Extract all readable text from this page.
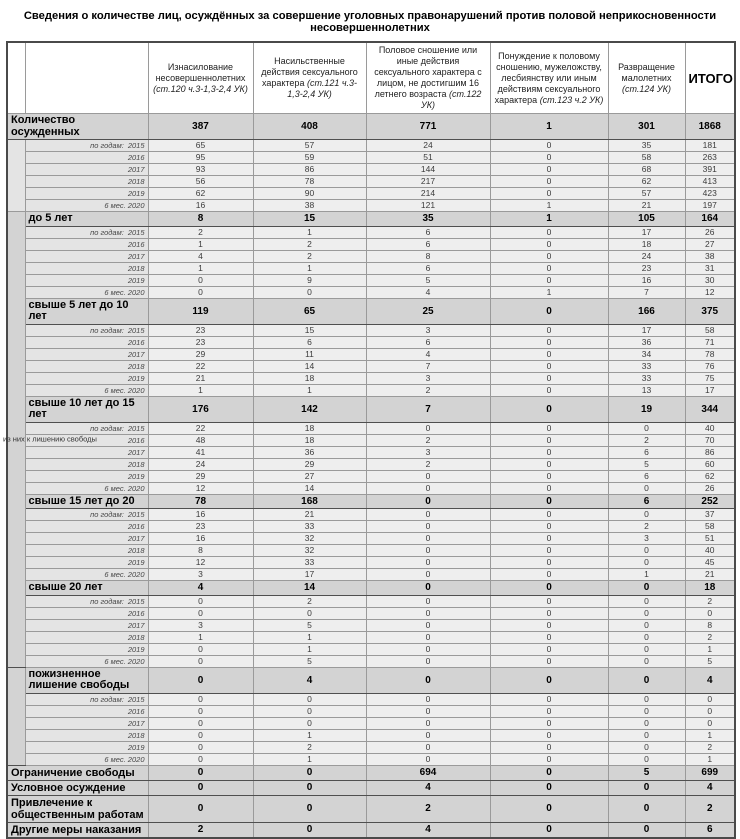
Сведения о количестве лиц, осуждённых за совершение уголовных правонарушений против половой неприкосновенности несовершеннолетних
		Изнасилование несовершеннолетних (ст.120 ч.3-1,3-2,4 УК)	Насильственные действия сексуального характера (ст.121 ч.3-1,3-2,4 УК)	Половое сношение или иные действия сексуального характера с лицом, не достигшим 16 летнего возраста (ст.122 УК)	Понуждение к половому сношению, мужеложству, лесбиянству или иным действиям сексуального характера (ст.123 ч.2 УК)	Развращение малолетних (ст.124 УК)	ИТОГО
Количество осужденных		387	408	771	1	301	1868
	по годам: 2015	65	57	24	0	35	181
	2016	95	59	51	0	58	263
	2017	93	86	144	0	68	391
	2018	56	78	217	0	62	413
	2019	62	90	214	0	57	423
	6 мес. 2020	16	38	121	1	21	197

из них к лишению свободы	до 5 лет	8	15	35	1	105	164
	по годам: 2015	2	1	6	0	17	26
	2016	1	2	6	0	18	27
	2017	4	2	8	0	24	38
	2018	1	1	6	0	23	31
	2019	0	9	5	0	16	30
	6 мес. 2020	0	0	4	1	7	12
	свыше 5 лет до 10 лет	119	65	25	0	166	375
	по годам: 2015	23	15	3	0	17	58
	2016	23	6	6	0	36	71
	2017	29	11	4	0	34	78
	2018	22	14	7	0	33	76
	2019	21	18	3	0	33	75
	6 мес. 2020	1	1	2	0	13	17
	свыше 10 лет до 15 лет	176	142	7	0	19	344
	по годам: 2015	22	18	0	0	0	40
	2016	48	18	2	0	2	70
	2017	41	36	3	0	6	86
	2018	24	29	2	0	5	60
	2019	29	27	0	0	6	62
	6 мес. 2020	12	14	0	0	0	26
	свыше 15 лет до 20	78	168	0	0	6	252
	по годам: 2015	16	21	0	0	0	37
	2016	23	33	0	0	2	58
	2017	16	32	0	0	3	51
	2018	8	32	0	0	0	40
	2019	12	33	0	0	0	45
	6 мес. 2020	3	17	0	0	1	21
	свыше 20 лет	4	14	0	0	0	18
	по годам: 2015	0	2	0	0	0	2
	2016	0	0	0	0	0	0
	2017	3	5	0	0	0	8
	2018	1	1	0	0	0	2
	2019	0	1	0	0	0	1
	6 мес. 2020	0	5	0	0	0	5
	пожизненное лишение свободы	0	4	0	0	0	4
	по годам: 2015	0	0	0	0	0	0
	2016	0	0	0	0	0	0
	2017	0	0	0	0	0	0
	2018	0	1	0	0	0	1
	2019	0	2	0	0	0	2
	6 мес. 2020	0	1	0	0	0	1
Ограничение свободы		0	0	694	0	5	699
Условное осуждение		0	0	4	0	0	4
Привлечение к общественным работам		0	0	2	0	0	2
Другие меры наказания		2	0	4	0	0	6
